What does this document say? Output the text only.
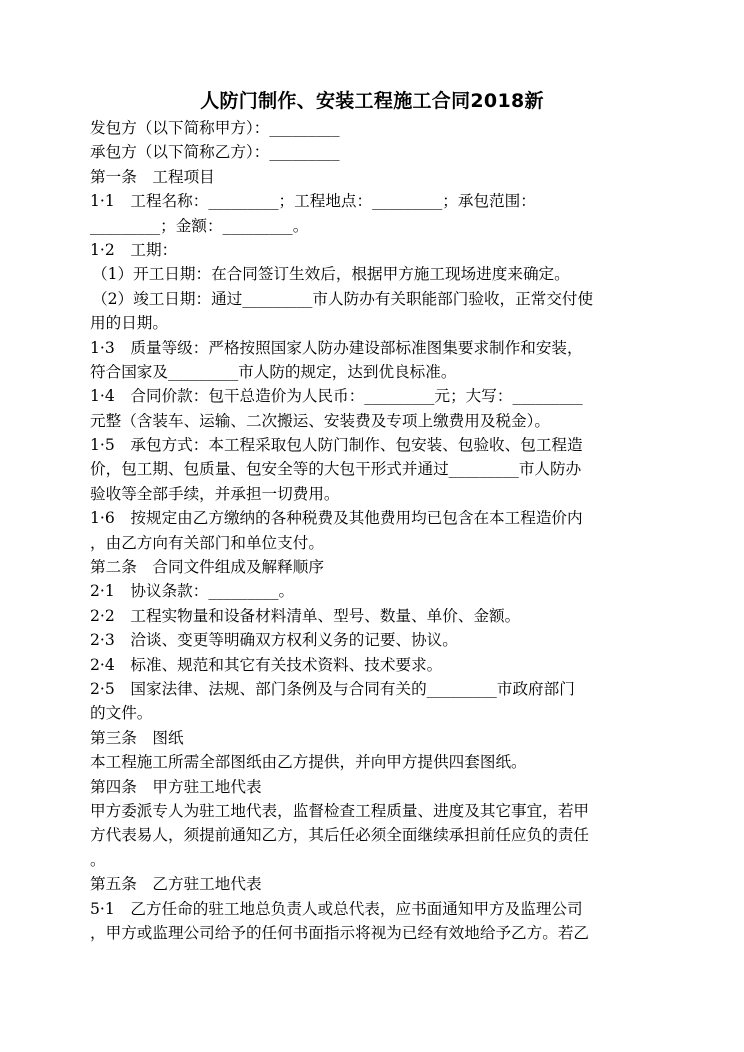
人防门制作、安装工程施工合同2018新
发包方（以下简称甲方）：_________
承包方（以下简称乙方）：_________
第一条　工程项目
1·1　工程名称：_________；工程地点：_________；承包范围：
_________；金额：_________。
1·2　工期：
（1）开工日期：在合同签订生效后，根据甲方施工现场进度来确定。
（2）竣工日期：通过_________市人防办有关职能部门验收，正常交付使
用的日期。
1·3　质量等级：严格按照国家人防办建设部标准图集要求制作和安装，
符合国家及_________市人防的规定，达到优良标准。
1·4　合同价款：包干总造价为人民币：_________元；大写：_________
元整（含装车、运输、二次搬运、安装费及专项上缴费用及税金）。
1·5　承包方式：本工程采取包人防门制作、包安装、包验收、包工程造
价，包工期、包质量、包安全等的大包干形式并通过_________市人防办
验收等全部手续，并承担一切费用。
1·6　按规定由乙方缴纳的各种税费及其他费用均已包含在本工程造价内
，由乙方向有关部门和单位支付。
第二条　合同文件组成及解释顺序
2·1　协议条款：_________。
2·2　工程实物量和设备材料清单、型号、数量、单价、金额。
2·3　洽谈、变更等明确双方权利义务的记要、协议。
2·4　标准、规范和其它有关技术资料、技术要求。
2·5　国家法律、法规、部门条例及与合同有关的_________市政府部门
的文件。
第三条　图纸
本工程施工所需全部图纸由乙方提供，并向甲方提供四套图纸。
第四条　甲方驻工地代表
甲方委派专人为驻工地代表，监督检查工程质量、进度及其它事宜，若甲
方代表易人，须提前通知乙方，其后任必须全面继续承担前任应负的责任
。
第五条　乙方驻工地代表
5·1　乙方任命的驻工地总负责人或总代表，应书面通知甲方及监理公司
，甲方或监理公司给予的任何书面指示将视为已经有效地给予乙方。若乙
